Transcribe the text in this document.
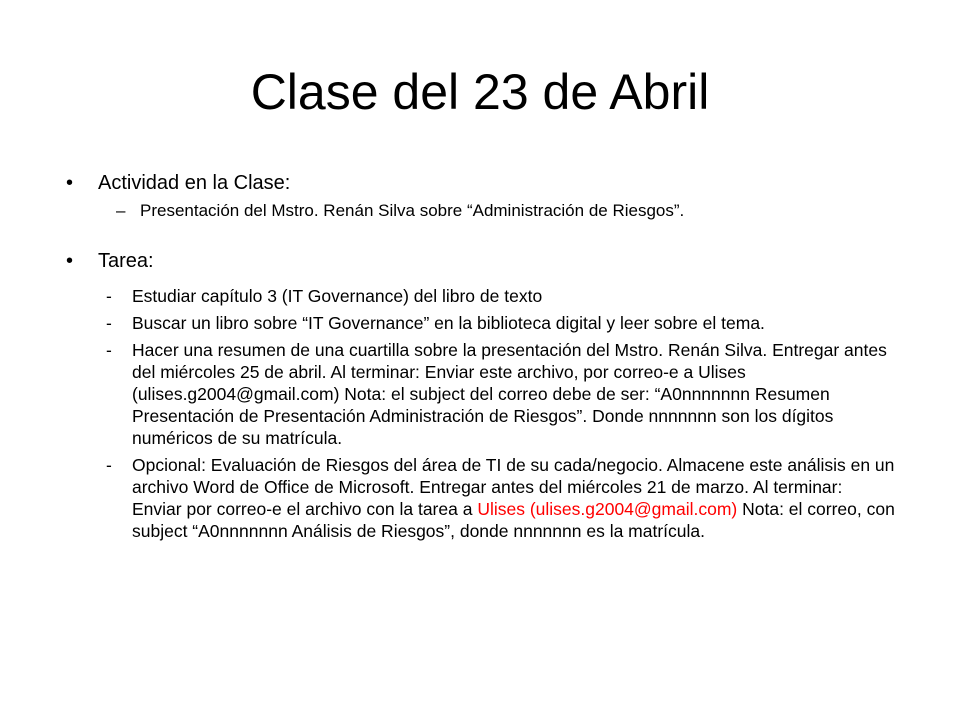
Clase del 23 de Abril
• Actividad en la Clase:
– Presentación del Mstro. Renán Silva sobre “Administración de Riesgos”.
• Tarea:
- Estudiar capítulo 3 (IT Governance) del libro de texto
- Buscar un libro sobre “IT Governance” en la biblioteca digital y leer sobre el tema.
- Hacer una resumen de una cuartilla sobre la presentación del Mstro. Renán Silva. Entregar antes del miércoles 25 de abril. Al terminar: Enviar este archivo, por correo-e a Ulises (ulises.g2004@gmail.com) Nota: el subject del correo debe de ser: “A0nnnnnnn Resumen Presentación de Presentación Administración de Riesgos”. Donde nnnnnnn son los dígitos numéricos de su matrícula.
- Opcional: Evaluación de Riesgos del área de TI de su cada/negocio. Almacene este análisis en un archivo Word de Office de Microsoft. Entregar antes del miércoles 21 de marzo. Al terminar: Enviar por correo-e el archivo con la tarea a Ulises (ulises.g2004@gmail.com) Nota: el correo, con subject “A0nnnnnnn Análisis de Riesgos”, donde nnnnnnn es la matrícula.
